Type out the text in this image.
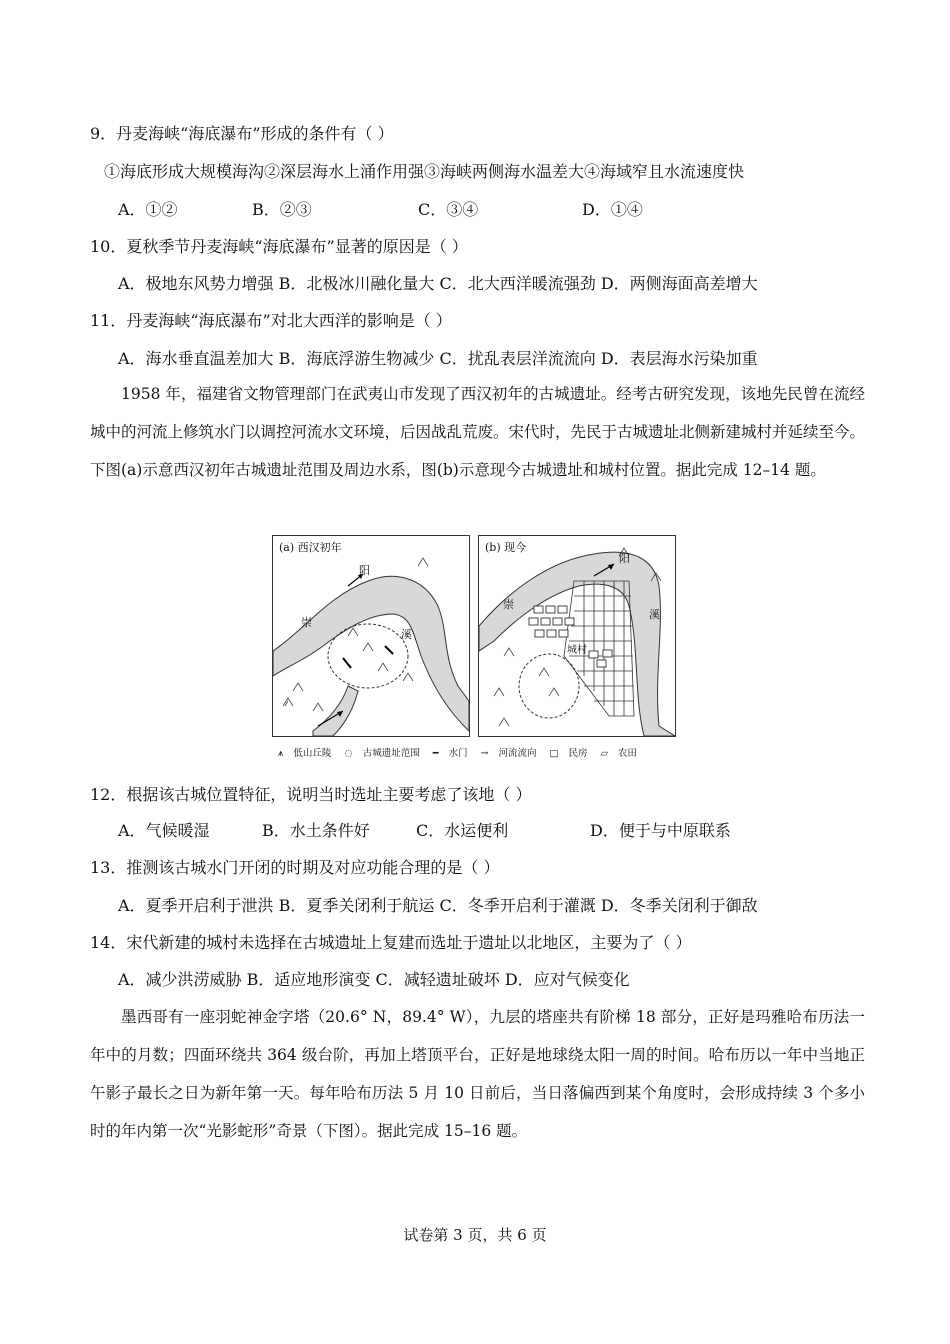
9．丹麦海峡“海底瀑布”形成的条件有（ ）
①海底形成大规模海沟②深层海水上涌作用强③海峡两侧海水温差大④海域窄且水流速度快
A．①②	B．②③	C．③④	D．①④
10．夏秋季节丹麦海峡“海底瀑布”显著的原因是（ ）
A．极地东风势力增强 B．北极冰川融化量大 C．北大西洋暖流强劲 D．两侧海面高差增大
11．丹麦海峡“海底瀑布”对北大西洋的影响是（ ）
A．海水垂直温差加大 B．海底浮游生物减少 C．扰乱表层洋流流向 D．表层海水污染加重

1958 年，福建省文物管理部门在武夷山市发现了西汉初年的古城遗址。经考古研究发现，该地先民曾在流经城中的河流上修筑水门以调控河流水文环境，后因战乱荒废。宋代时，先民于古城遗址北侧新建城村并延续至今。下图(a)示意西汉初年古城遗址范围及周边水系，图(b)示意现今古城遗址和城村位置。据此完成 12–14 题。

(a) 西汉初年
阳
崇
溪
(b) 现今
阳
崇
溪
城村
⩚ 低山丘陵 ◌ 古城遗址范围 ━ 水门 → 河流流向 □ 民房 ▱ 农田
12．根据该古城位置特征，说明当时选址主要考虑了该地（ ）
A．气候暖湿	B．水土条件好	C．水运便利	D．便于与中原联系
13．推测该古城水门开闭的时期及对应功能合理的是（ ）
A．夏季开启利于泄洪 B．夏季关闭利于航运 C．冬季开启利于灌溉 D．冬季关闭利于御敌
14．宋代新建的城村未选择在古城遗址上复建而选址于遗址以北地区，主要为了（ ）
A．减少洪涝威胁 B．适应地形演变 C．减轻遗址破坏 D．应对气候变化

墨西哥有一座羽蛇神金字塔（20.6° N，89.4° W），九层的塔座共有阶梯 18 部分，正好是玛雅哈布历法一年中的月数；四面环绕共 364 级台阶，再加上塔顶平台，正好是地球绕太阳一周的时间。哈布历以一年中当地正午影子最长之日为新年第一天。每年哈布历法 5 月 10 日前后，当日落偏西到某个角度时，会形成持续 3 个多小时的年内第一次“光影蛇形”奇景（下图）。据此完成 15–16 题。

试卷第 3 页，共 6 页
